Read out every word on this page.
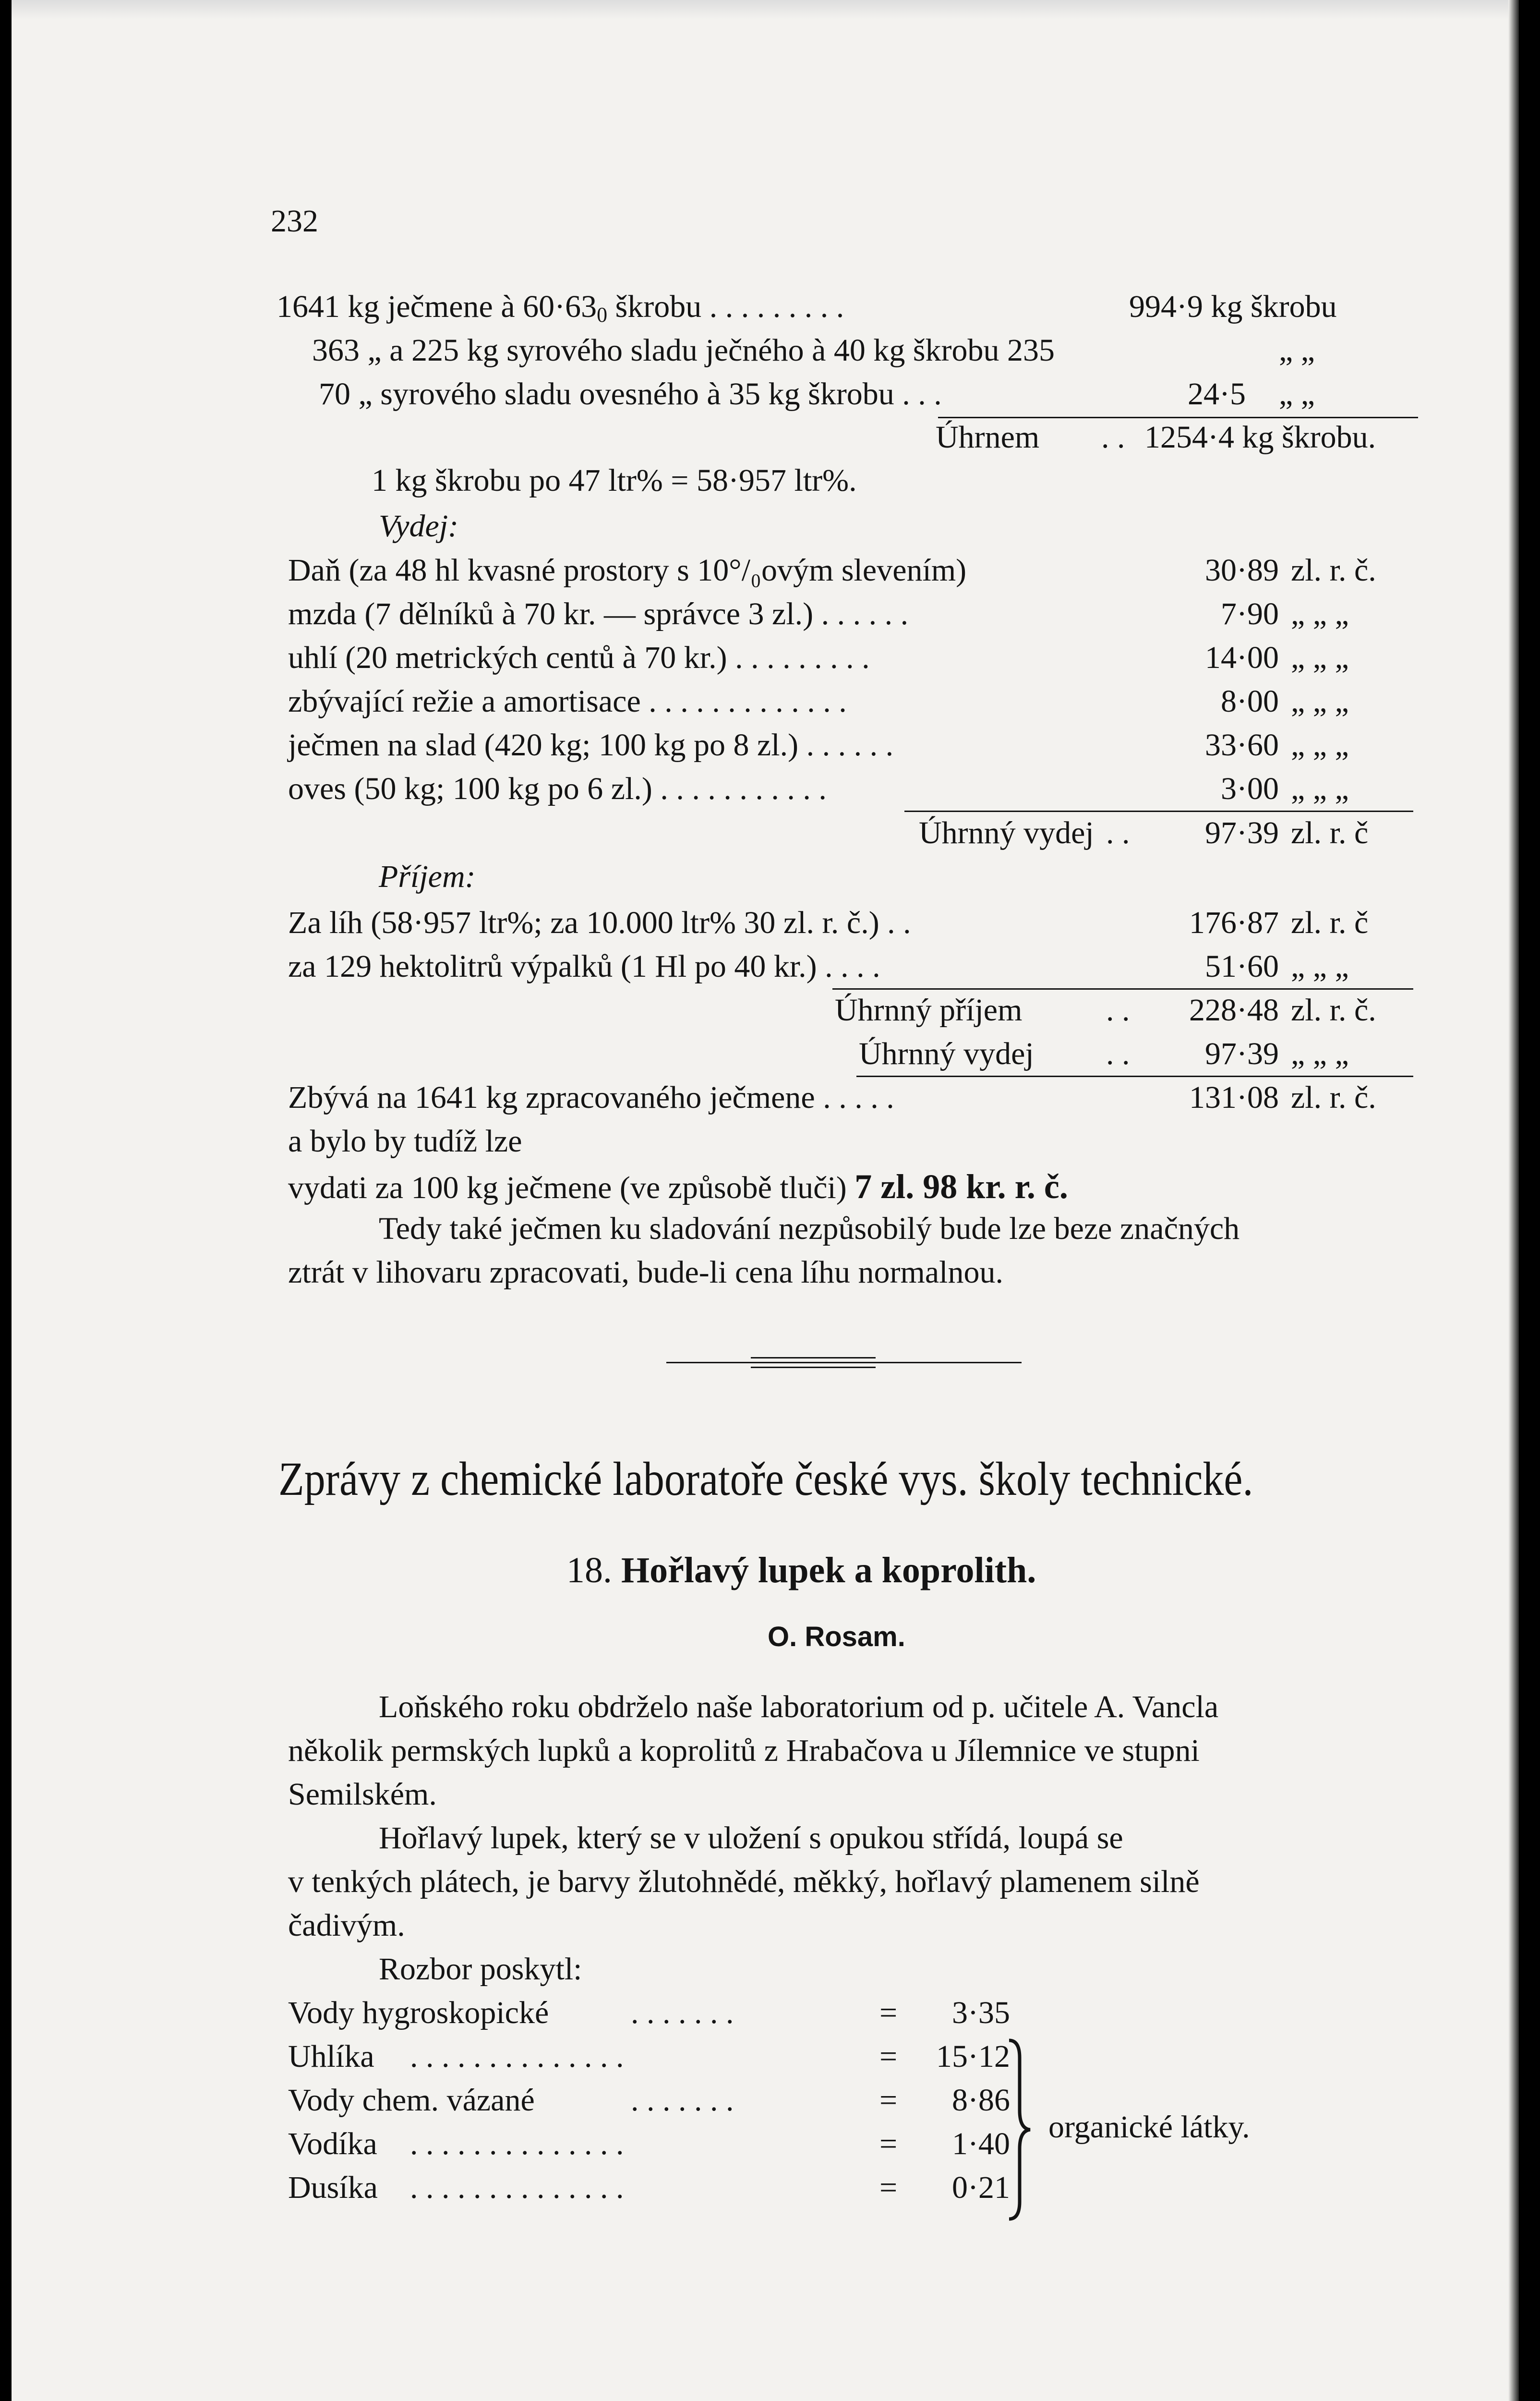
232
1641 kg ječmene à $60\cdot 63_0$ škrobu . . . . . . . . .	994·9 kg škrobu
363 „ a 225 kg syrového sladu ječného à 40 kg škrobu 235	„ „
70 „ syrového sladu ovesného à 35 kg škrobu . . .	24·5 „ „
Úhrnem . . 1254·4 kg škrobu.
1 kg škrobu po 47 ltr% = 58·957 ltr%.
Vydej:
Daň (za 48 hl kvasné prostory s 10°/₀ovým slevením)	30·89 zl. r. č.
mzda (7 dělníků à 70 kr. — správce 3 zl.) . . . . . .	7·90 „ „ „
uhlí (20 metrických centů à 70 kr.) . . . . . . . . .	14·00 „ „ „
zbývající režie a amortisace . . . . . . . . . . . . .	8·00 „ „ „
ječmen na slad (420 kg; 100 kg po 8 zl.) . . . . . .	33·60 „ „ „
oves (50 kg; 100 kg po 6 zl.) . . . . . . . . . . .	3·00 „ „ „
Úhrnný vydej . .	97·39 zl. r. č
Příjem:
Za líh (58·957 ltr%; za 10.000 ltr% 30 zl. r. č.) . .	176·87 zl. r. č
za 129 hektolitrů výpalků (1 Hl po 40 kr.) . . . .	51·60 „ „ „
Úhrnný příjem	. .	228·48 zl. r. č.
Úhrnný vydej . .	97·39 „ „ „
Zbývá na 1641 kg zpracovaného ječmene . . . . .	131·08 zl. r. č.
a bylo by tudíž lze
vydati za 100 kg ječmene (ve způsobě tluči) 7 zl. 98 kr. r. č.
Tedy také ječmen ku sladování nezpůsobilý bude lze beze značných
ztrát v lihovaru zpracovati, bude-li cena líhu normalnou.
Zprávy z chemické laboratoře české vys. školy technické.
18. Hořlavý lupek a koprolith.
O. Rosam.
Loňského roku obdrželo naše laboratorium od p. učitele A. Vancla
několik permských lupků a koprolitů z Hrabačova u Jílemnice ve stupni
Semilském.
Hořlavý lupek, který se v uložení s opukou střídá, loupá se
v tenkých plátech, je barvy žlutohnědé, měkký, hořlavý plamenem silně
čadivým.
Rozbor poskytl:
Vody hygroskopické	. . . . . . .	=	3·35
Uhlíka . . . . . . . . . . . . . .	=	15·12
Vody chem. vázané	. . . . . . .	=	8·86
Vodíka . . . . . . . . . . . . . .	=	1·40
Dusíka . . . . . . . . . . . . . .	=	0·21
organické látky.
